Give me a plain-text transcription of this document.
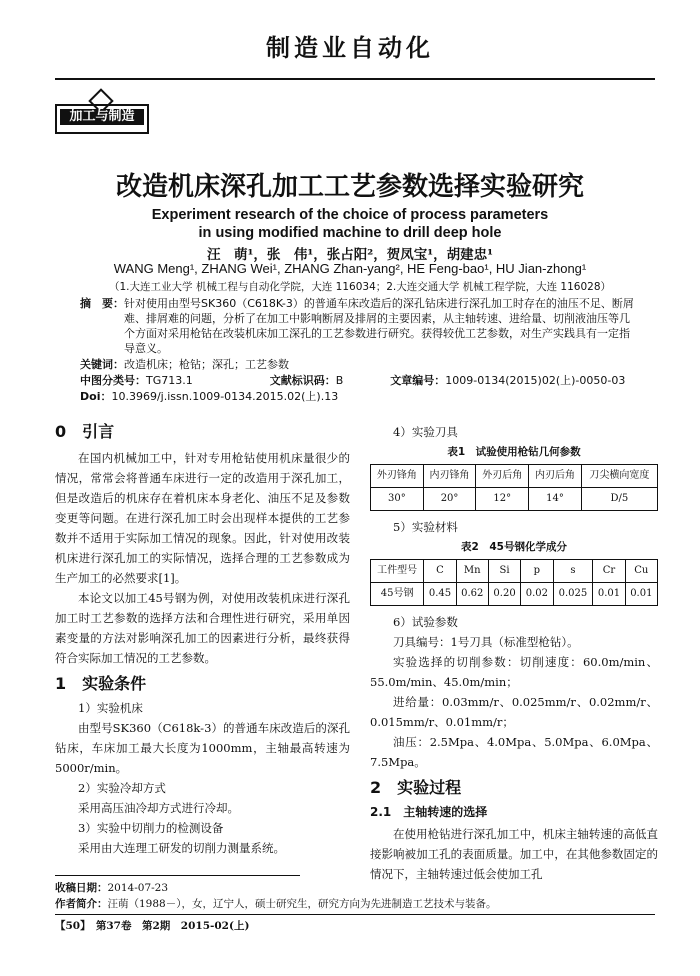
制造业自动化
加工与制造
改造机床深孔加工工艺参数选择实验研究
Experiment research of the choice of process parameters
in using modified machine to drill deep hole
汪　萌¹，张　伟¹，张占阳²，贺凤宝¹，胡建忠¹
WANG Meng¹, ZHANG Wei¹, ZHANG Zhan-yang², HE Feng-bao¹, HU Jian-zhong¹
（1.大连工业大学 机械工程与自动化学院，大连 116034；2.大连交通大学 机械工程学院，大连 116028）
摘　要： 针对使用由型号SK360（C618K-3）的普通车床改造后的深孔钻床进行深孔加工时存在的油压不足、断屑难、排屑难的问题，分析了在加工中影响断屑及排屑的主要因素，从主轴转速、进给量、切削液油压等几个方面对采用枪钻在改装机床加工深孔的工艺参数进行研究。获得较优工艺参数，对生产实践具有一定指导意义。
关键词：改造机床；枪钻；深孔；工艺参数
中图分类号：TG713.1	文献标识码：B	文章编号：1009-0134(2015)02(上)-0050-03
Doi：10.3969/j.issn.1009-0134.2015.02(上).13
0　引言

在国内机械加工中，针对专用枪钻使用机床量很少的情况，常常会将普通车床进行一定的改造用于深孔加工，但是改造后的机床存在着机床本身老化、油压不足及参数变更等问题。在进行深孔加工时会出现样本提供的工艺参数并不适用于实际加工情况的现象。因此，针对使用改装机床进行深孔加工的实际情况，选择合理的工艺参数成为生产加工的必然要求[1]。

本论文以加工45号钢为例，对使用改装机床进行深孔加工时工艺参数的选择方法和合理性进行研究，采用单因素变量的方法对影响深孔加工的因素进行分析，最终获得符合实际加工情况的工艺参数。

1　实验条件

1）实验机床

由型号SK360（C618k-3）的普通车床改造后的深孔钻床，车床加工最大长度为1000mm，主轴最高转速为5000r/min。

2）实验冷却方式

采用高压油冷却方式进行冷却。

3）实验中切削力的检测设备

采用由大连理工研发的切削力测量系统。

4）实验刀具

表1　试验使用枪钻几何参数
外刃锋角	内刃锋角	外刃后角	内刃后角	刀尖横向宽度
30°	20°	12°	14°	D/5

5）实验材料

表2　45号钢化学成分
工件型号	C	Mn	Si	p	s	Cr	Cu
45号钢	0.45	0.62	0.20	0.02	0.025	0.01	0.01

6）试验参数

刀具编号：1号刀具（标准型枪钻）。

实验选择的切削参数：切削速度：60.0m/min、55.0m/min、45.0m/min；

进给量：0.03mm/r、0.025mm/r、0.02mm/r、0.015mm/r、0.01mm/r；

油压：2.5Mpa、4.0Mpa、5.0Mpa、6.0Mpa、7.5Mpa。

2　实验过程
2.1　主轴转速的选择

在使用枪钻进行深孔加工中，机床主轴转速的高低直接影响被加工孔的表面质量。加工中，在其他参数固定的情况下，主轴转速过低会使加工孔

收稿日期：2014-07-23
作者简介：汪萌（1988－），女，辽宁人，硕士研究生，研究方向为先进制造工艺技术与装备。
【50】　第37卷　第2期　2015-02(上)
